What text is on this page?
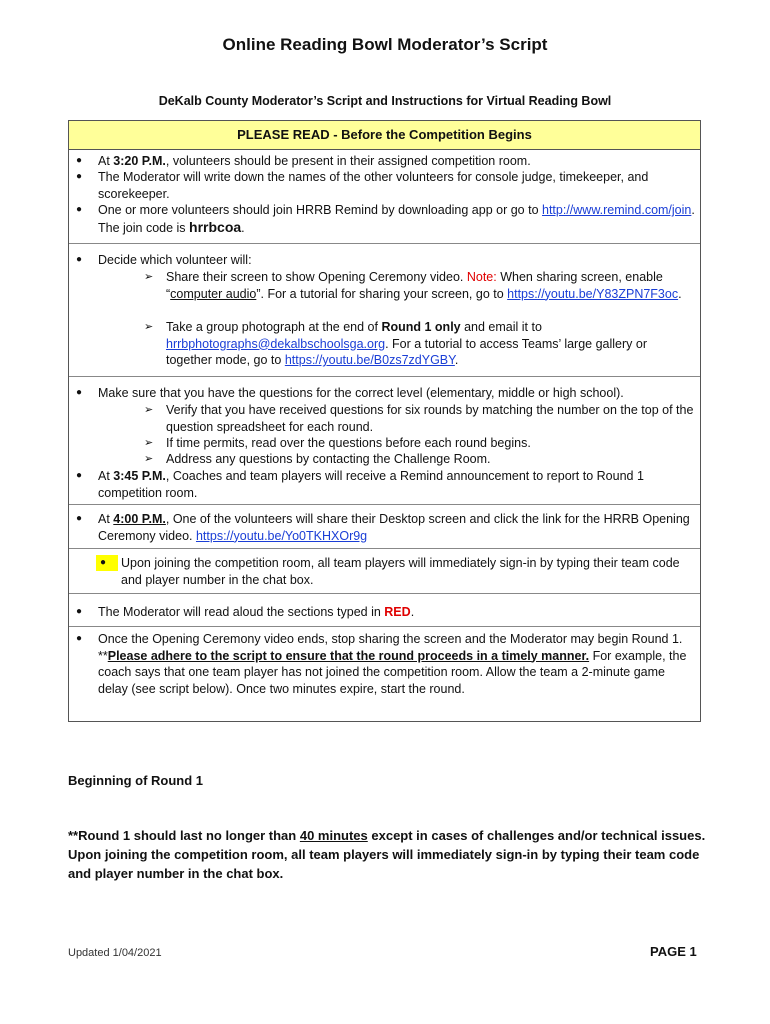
Online Reading Bowl Moderator’s Script
DeKalb County Moderator’s Script and Instructions for Virtual Reading Bowl
PLEASE READ - Before the Competition Begins
● At 3:20 P.M., volunteers should be present in their assigned competition room.
● The Moderator will write down the names of the other volunteers for console judge, timekeeper, and scorekeeper.
● One or more volunteers should join HRRB Remind by downloading app or go to http://www.remind.com/join. The join code is hrrbcoa.
● Decide which volunteer will:
➢ Share their screen to show Opening Ceremony video. Note: When sharing screen, enable “computer audio”. For a tutorial for sharing your screen, go to https://youtu.be/Y83ZPN7F3oc.
➢ Take a group photograph at the end of Round 1 only and email it to hrrbphotographs@dekalbschoolsga.org. For a tutorial to access Teams’ large gallery or together mode, go to https://youtu.be/B0zs7zdYGBY.
● Make sure that you have the questions for the correct level (elementary, middle or high school).
➢ Verify that you have received questions for six rounds by matching the number on the top of the question spreadsheet for each round.
➢ If time permits, read over the questions before each round begins.
➢ Address any questions by contacting the Challenge Room.
● At 3:45 P.M., Coaches and team players will receive a Remind announcement to report to Round 1 competition room.
● At 4:00 P.M., One of the volunteers will share their Desktop screen and click the link for the HRRB Opening Ceremony video. https://youtu.be/Yo0TKHXOr9g
● Upon joining the competition room, all team players will immediately sign-in by typing their team code and player number in the chat box.
● The Moderator will read aloud the sections typed in RED.
● Once the Opening Ceremony video ends, stop sharing the screen and the Moderator may begin Round 1. **Please adhere to the script to ensure that the round proceeds in a timely manner. For example, the coach says that one team player has not joined the competition room. Allow the team a 2-minute game delay (see script below). Once two minutes expire, start the round.
Beginning of Round 1
**Round 1 should last no longer than 40 minutes except in cases of challenges and/or technical issues. Upon joining the competition room, all team players will immediately sign-in by typing their team code and player number in the chat box.
Updated 1/04/2021	PAGE 1
